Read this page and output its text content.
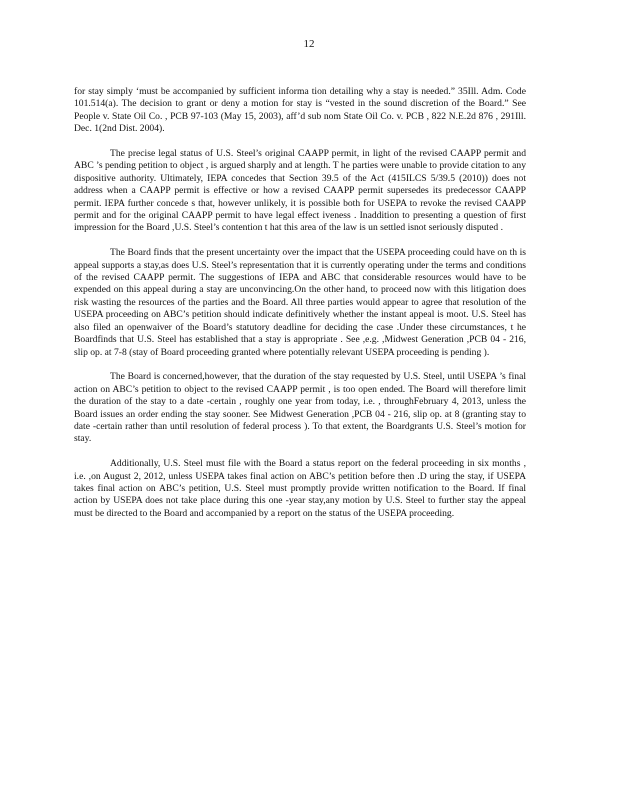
12

for stay simply ‘must be accompanied by sufficient informa tion detailing why a stay is needed.” 35Ill. Adm. Code 101.514(a). The decision to grant or deny a motion for stay is “vested in the sound discretion of the Board.” See People v. State Oil Co. , PCB 97-103 (May 15, 2003), aff’d sub nom State Oil Co. v. PCB , 822 N.E.2d 876 , 291Ill. Dec. 1(2nd Dist. 2004).

The precise legal status of U.S. Steel’s original CAAPP permit, in light of the revised CAAPP permit and ABC ’s pending petition to object , is argued sharply and at length. T he parties were unable to provide citation to any dispositive authority. Ultimately, IEPA concedes that Section 39.5 of the Act (415ILCS 5/39.5 (2010)) does not address when a CAAPP permit is effective or how a revised CAAPP permit supersedes its predecessor CAAPP permit. IEPA further concede s that, however unlikely, it is possible both for USEPA to revoke the revised CAAPP permit and for the original CAAPP permit to have legal effect iveness . Inaddition to presenting a question of first impression for the Board ,U.S. Steel’s contention t hat this area of the law is un settled isnot seriously disputed .

The Board finds that the present uncertainty over the impact that the USEPA proceeding could have on th is appeal supports a stay,as does U.S. Steel’s representation that it is currently operating under the terms and conditions of the revised CAAPP permit. The suggestions of IEPA and ABC that considerable resources would have to be expended on this appeal during a stay are unconvincing.On the other hand, to proceed now with this litigation does risk wasting the resources of the parties and the Board. All three parties would appear to agree that resolution of the USEPA proceeding on ABC’s petition should indicate definitively whether the instant appeal is moot. U.S. Steel has also filed an openwaiver of the Board’s statutory deadline for deciding the case .Under these circumstances, t he Boardfinds that U.S. Steel has established that a stay is appropriate . See ,e.g. ,Midwest Generation ,PCB 04 - 216, slip op. at 7-8 (stay of Board proceeding granted where potentially relevant USEPA proceeding is pending ).

The Board is concerned,however, that the duration of the stay requested by U.S. Steel, until USEPA ’s final action on ABC’s petition to object to the revised CAAPP permit , is too open ended. The Board will therefore limit the duration of the stay to a date -certain , roughly one year from today, i.e. , throughFebruary 4, 2013, unless the Board issues an order ending the stay sooner. See Midwest Generation ,PCB 04 - 216, slip op. at 8 (granting stay to date -certain rather than until resolution of federal process ). To that extent, the Boardgrants U.S. Steel’s motion for stay.

Additionally, U.S. Steel must file with the Board a status report on the federal proceeding in six months , i.e. ,on August 2, 2012, unless USEPA takes final action on ABC’s petition before then .D uring the stay, if USEPA takes final action on ABC’s petition, U.S. Steel must promptly provide written notification to the Board. If final action by USEPA does not take place during this one -year stay,any motion by U.S. Steel to further stay the appeal must be directed to the Board and accompanied by a report on the status of the USEPA proceeding.
